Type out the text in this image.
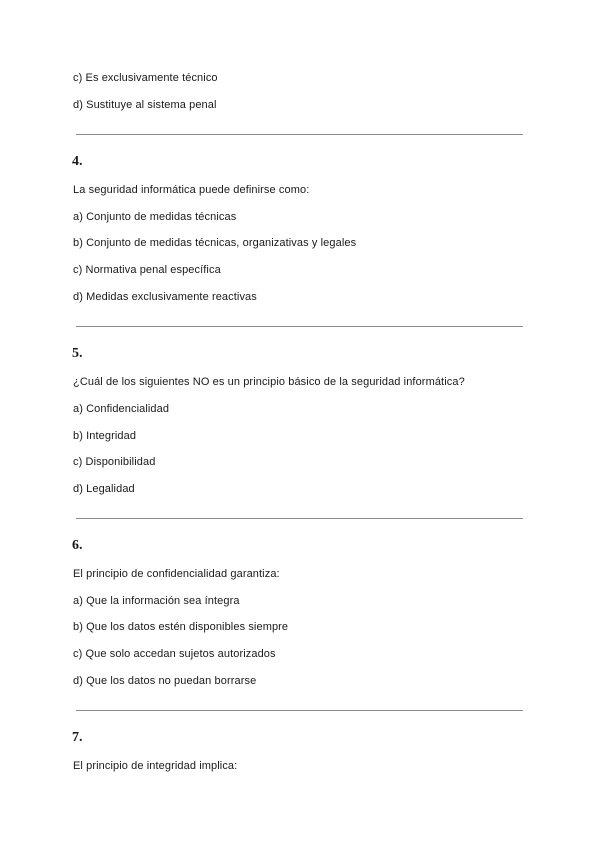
c) Es exclusivamente técnico
d) Sustituye al sistema penal
4.
La seguridad informática puede definirse como:
a) Conjunto de medidas técnicas
b) Conjunto de medidas técnicas, organizativas y legales
c) Normativa penal específica
d) Medidas exclusivamente reactivas
5.
¿Cuál de los siguientes NO es un principio básico de la seguridad informática?
a) Confidencialidad
b) Integridad
c) Disponibilidad
d) Legalidad
6.
El principio de confidencialidad garantiza:
a) Que la información sea íntegra
b) Que los datos estén disponibles siempre
c) Que solo accedan sujetos autorizados
d) Que los datos no puedan borrarse
7.
El principio de integridad implica:
